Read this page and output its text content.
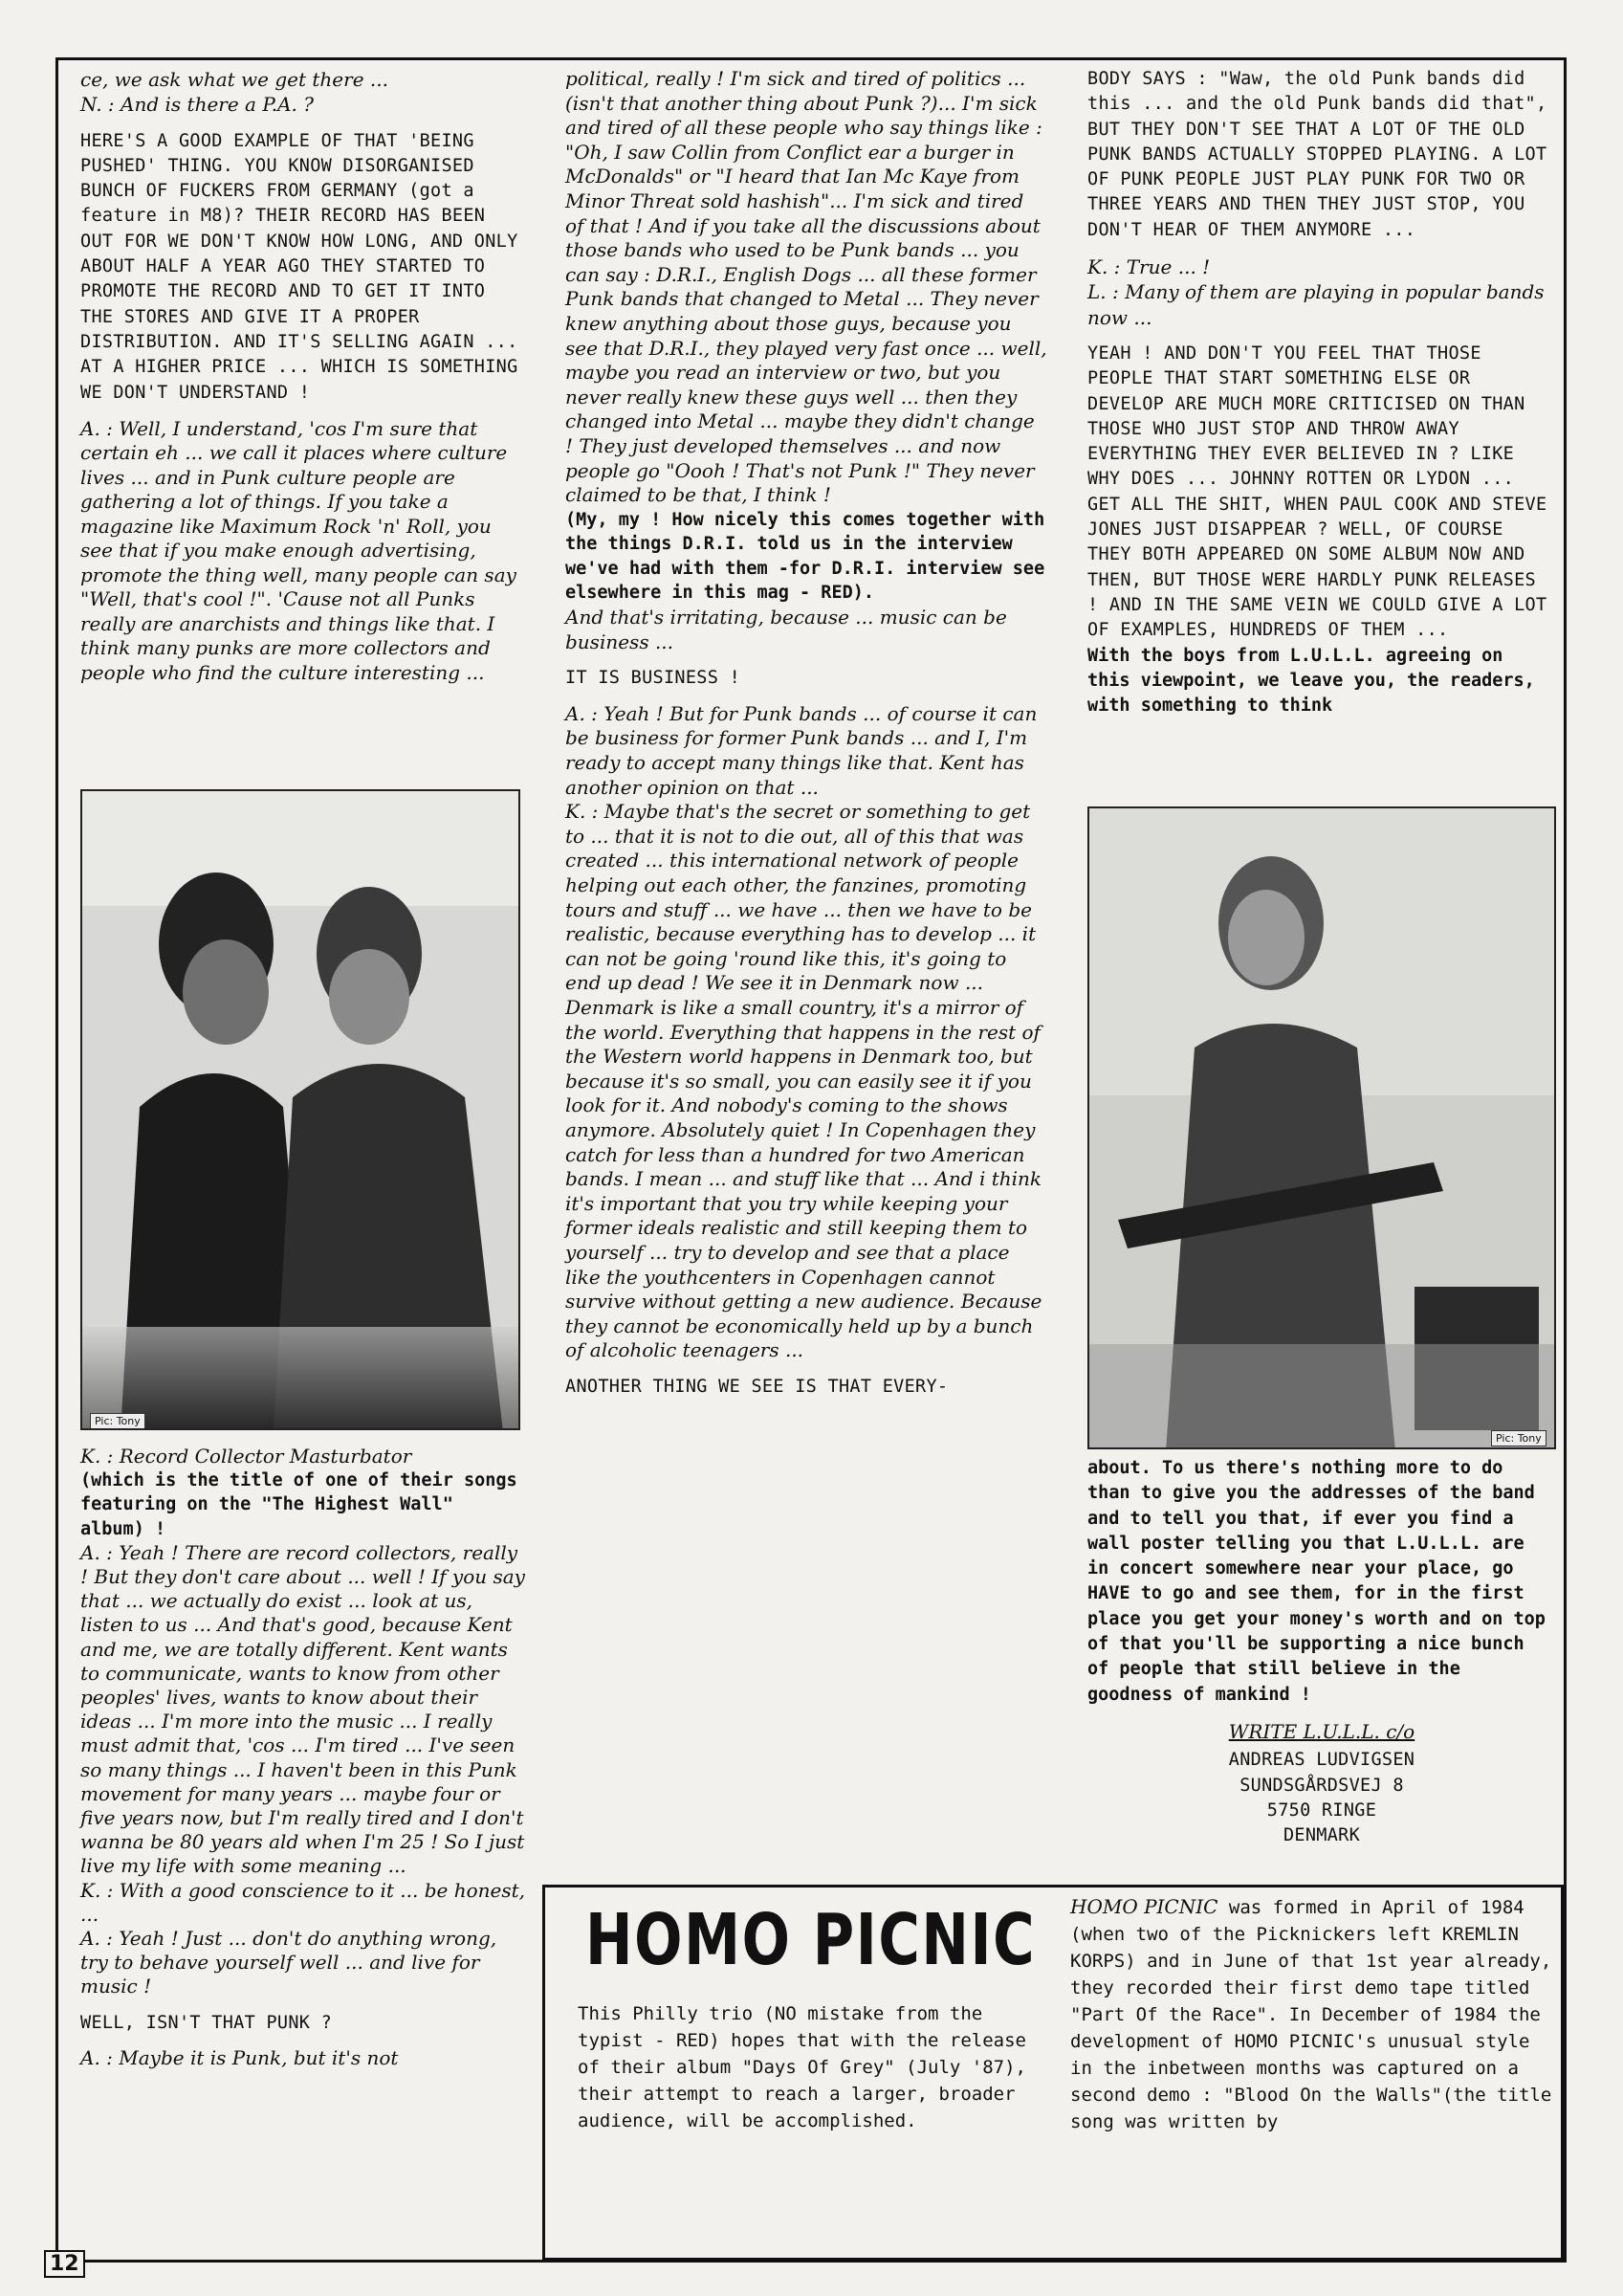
ce, we ask what we get there ...

N. : And is there a P.A. ?

HERE'S A GOOD EXAMPLE OF THAT 'BEING PUSHED' THING. YOU KNOW DISORGANISED BUNCH OF FUCKERS FROM GERMANY (got a feature in M8)? THEIR RECORD HAS BEEN OUT FOR WE DON'T KNOW HOW LONG, AND ONLY ABOUT HALF A YEAR AGO THEY STARTED TO PROMOTE THE RECORD AND TO GET IT INTO THE STORES AND GIVE IT A PROPER DISTRIBUTION. AND IT'S SELLING AGAIN ... AT A HIGHER PRICE ... WHICH IS SOMETHING WE DON'T UNDERSTAND !

A. : Well, I understand, 'cos I'm sure that certain eh ... we call it places where culture lives ... and in Punk culture people are gathering a lot of things. If you take a magazine like Maximum Rock 'n' Roll, you see that if you make enough advertising, promote the thing well, many people can say "Well, that's cool !". 'Cause not all Punks really are anarchists and things like that. I think many punks are more collectors and people who find the culture interesting ...

Pic: Tony

K. : Record Collector Masturbator

(which is the title of one of their songs featuring on the "The Highest Wall" album) !

A. : Yeah ! There are record collectors, really ! But they don't care about ... well ! If you say that ... we actually do exist ... look at us, listen to us ... And that's good, because Kent and me, we are totally different. Kent wants to communicate, wants to know from other peoples' lives, wants to know about their ideas ... I'm more into the music ... I really must admit that, 'cos ... I'm tired ... I've seen so many things ... I haven't been in this Punk movement for many years ... maybe four or five years now, but I'm really tired and I don't wanna be 80 years ald when I'm 25 ! So I just live my life with some meaning ...

K. : With a good conscience to it ... be honest, ...

A. : Yeah ! Just ... don't do anything wrong, try to behave yourself well ... and live for music !

WELL, ISN'T THAT PUNK ?

A. : Maybe it is Punk, but it's not

political, really ! I'm sick and tired of politics ...(isn't that another thing about Punk ?)... I'm sick and tired of all these people who say things like : "Oh, I saw Collin from Conflict ear a burger in McDonalds" or "I heard that Ian Mc Kaye from Minor Threat sold hashish"... I'm sick and tired of that ! And if you take all the discussions about those bands who used to be Punk bands ... you can say : D.R.I., English Dogs ... all these former Punk bands that changed to Metal ... They never knew anything about those guys, because you see that D.R.I., they played very fast once ... well, maybe you read an interview or two, but you never really knew these guys well ... then they changed into Metal ... maybe they didn't change ! They just developed themselves ... and now people go "Oooh ! That's not Punk !" They never claimed to be that, I think !

(My, my ! How nicely this comes together with the things D.R.I. told us in the interview we've had with them -for D.R.I. interview see elsewhere in this mag - RED).

And that's irritating, because ... music can be business ...

IT IS BUSINESS !

A. : Yeah ! But for Punk bands ... of course it can be business for former Punk bands ... and I, I'm ready to accept many things like that. Kent has another opinion on that ...

K. : Maybe that's the secret or something to get to ... that it is not to die out, all of this that was created ... this international network of people helping out each other, the fanzines, promoting tours and stuff ... we have ... then we have to be realistic, because everything has to develop ... it can not be going 'round like this, it's going to end up dead ! We see it in Denmark now ... Denmark is like a small country, it's a mirror of the world. Everything that happens in the rest of the Western world happens in Denmark too, but because it's so small, you can easily see it if you look for it. And nobody's coming to the shows anymore. Absolutely quiet ! In Copenhagen they catch for less than a hundred for two American bands. I mean ... and stuff like that ... And i think it's important that you try while keeping your former ideals realistic and still keeping them to yourself ... try to develop and see that a place like the youthcenters in Copenhagen cannot survive without getting a new audience. Because they cannot be economically held up by a bunch of alcoholic teenagers ...

ANOTHER THING WE SEE IS THAT EVERY-

BODY SAYS : "Waw, the old Punk bands did this ... and the old Punk bands did that", BUT THEY DON'T SEE THAT A LOT OF THE OLD PUNK BANDS ACTUALLY STOPPED PLAYING. A LOT OF PUNK PEOPLE JUST PLAY PUNK FOR TWO OR THREE YEARS AND THEN THEY JUST STOP, YOU DON'T HEAR OF THEM ANYMORE ...

K. : True ... !

L. : Many of them are playing in popular bands now ...

YEAH ! AND DON'T YOU FEEL THAT THOSE PEOPLE THAT START SOMETHING ELSE OR DEVELOP ARE MUCH MORE CRITICISED ON THAN THOSE WHO JUST STOP AND THROW AWAY EVERYTHING THEY EVER BELIEVED IN ? LIKE WHY DOES ... JOHNNY ROTTEN OR LYDON ... GET ALL THE SHIT, WHEN PAUL COOK AND STEVE JONES JUST DISAPPEAR ? WELL, OF COURSE THEY BOTH APPEARED ON SOME ALBUM NOW AND THEN, BUT THOSE WERE HARDLY PUNK RELEASES ! AND IN THE SAME VEIN WE COULD GIVE A LOT OF EXAMPLES, HUNDREDS OF THEM ...

With the boys from L.U.L.L. agreeing on this viewpoint, we leave you, the readers, with something to think

Pic: Tony

about. To us there's nothing more to do than to give you the addresses of the band and to tell you that, if ever you find a wall poster telling you that L.U.L.L. are in concert somewhere near your place, go HAVE to go and see them, for in the first place you get your money's worth and on top of that you'll be supporting a nice bunch of people that still believe in the goodness of mankind !

WRITE L.U.L.L. c/o

ANDREAS LUDVIGSEN
SUNDSGÅRDSVEJ 8
5750 RINGE
DENMARK
HOMO PICNIC
This Philly trio (NO mistake from the typist - RED) hopes that with the release of their album "Days Of Grey" (July '87), their attempt to reach a larger, broader audience, will be accomplished.
HOMO PICNIC was formed in April of 1984 (when two of the Picknickers left KREMLIN KORPS) and in June of that 1st year already, they recorded their first demo tape titled "Part Of the Race". In December of 1984 the development of HOMO PICNIC's unusual style in the inbetween months was captured on a second demo : "Blood On the Walls"(the title song was written by
12
